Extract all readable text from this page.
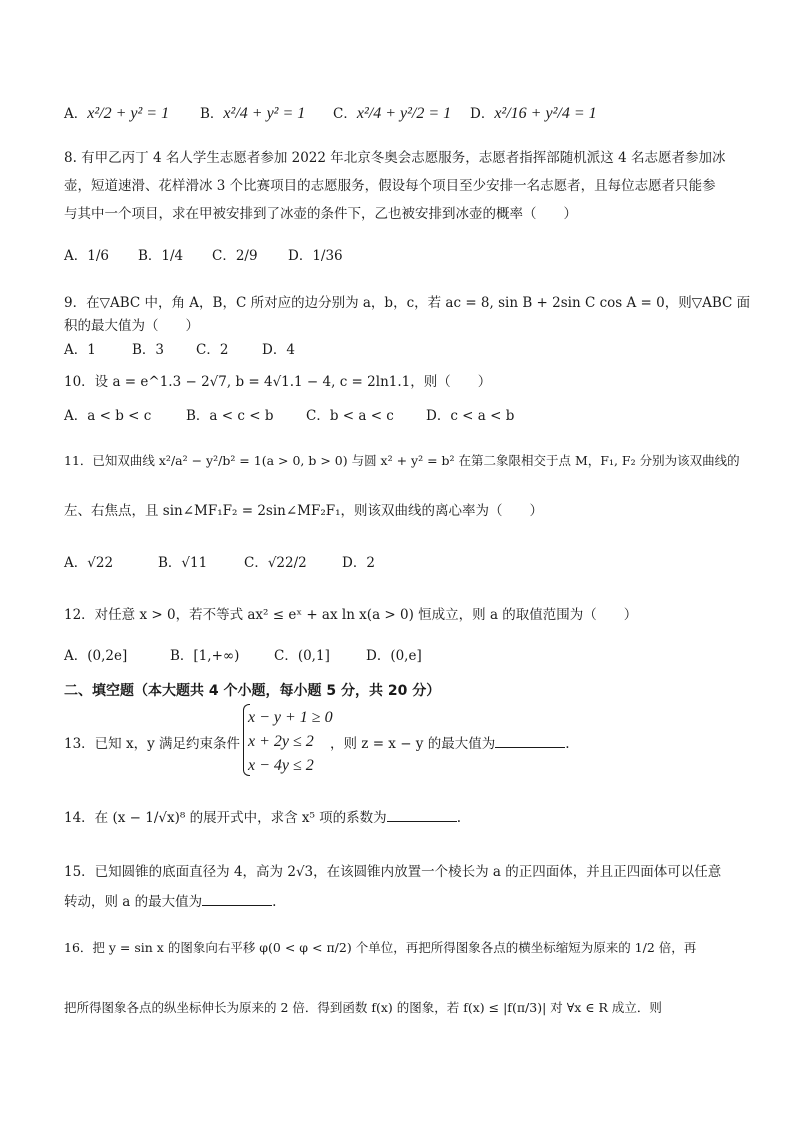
A．x²/2 + y² = 1 B．x²/4 + y² = 1 C．x²/4 + y²/2 = 1 D．x²/16 + y²/4 = 1
8. 有甲乙丙丁 4 名人学生志愿者参加 2022 年北京冬奥会志愿服务，志愿者指挥部随机派这 4 名志愿者参加冰
壶，短道速滑、花样滑冰 3 个比赛项目的志愿服务，假设每个项目至少安排一名志愿者，且每位志愿者只能参
与其中一个项目，求在甲被安排到了冰壶的条件下，乙也被安排到冰壶的概率（　　）
A．1/6 B．1/4 C．2/9 D．1/36
9．在▽ABC 中，角 A，B，C 所对应的边分别为 a，b，c，若 ac = 8, sin B + 2sin C cos A = 0，则▽ABC 面
积的最大值为（　　）
A．1	B．3 C．2 D．4
10．设 a = e^1.3 − 2√7, b = 4√1.1 − 4, c = 2ln1.1，则（　　）
A．a < b < c	B．a < c < b C．b < a < c D．c < a < b
11．已知双曲线 x²/a² − y²/b² = 1(a > 0, b > 0) 与圆 x² + y² = b² 在第二象限相交于点 M，F₁, F₂ 分别为该双曲线的
左、右焦点，且 sin∠MF₁F₂ = 2sin∠MF₂F₁，则该双曲线的离心率为（　　）
A．√22	B．√11	C．√22/2	D．2
12．对任意 x > 0，若不等式 ax² ≤ eˣ + ax ln x(a > 0) 恒成立，则 a 的取值范围为（　　）
A．(0,2e]	B．[1,+∞)	C．(0,1]	D．(0,e]
二、填空题（本大题共 4 个小题，每小题 5 分，共 20 分）
13．已知 x，y 满足约束条件
x − y + 1 ≥ 0
x + 2y ≤ 2
x − 4y ≤ 2
，则 z = x − y 的最大值为	.
14．在 (x − 1/√x)⁸ 的展开式中，求含 x⁵ 项的系数为	.
15．已知圆锥的底面直径为 4，高为 2√3，在该圆锥内放置一个棱长为 a 的正四面体，并且正四面体可以任意
转动，则 a 的最大值为	.
16．把 y = sin x 的图象向右平移 φ(0 < φ < π/2) 个单位，再把所得图象各点的横坐标缩短为原来的 1/2 倍，再
把所得图象各点的纵坐标伸长为原来的 2 倍．得到函数 f(x) 的图象，若 f(x) ≤ |f(π/3)| 对 ∀x ∈ R 成立．则
